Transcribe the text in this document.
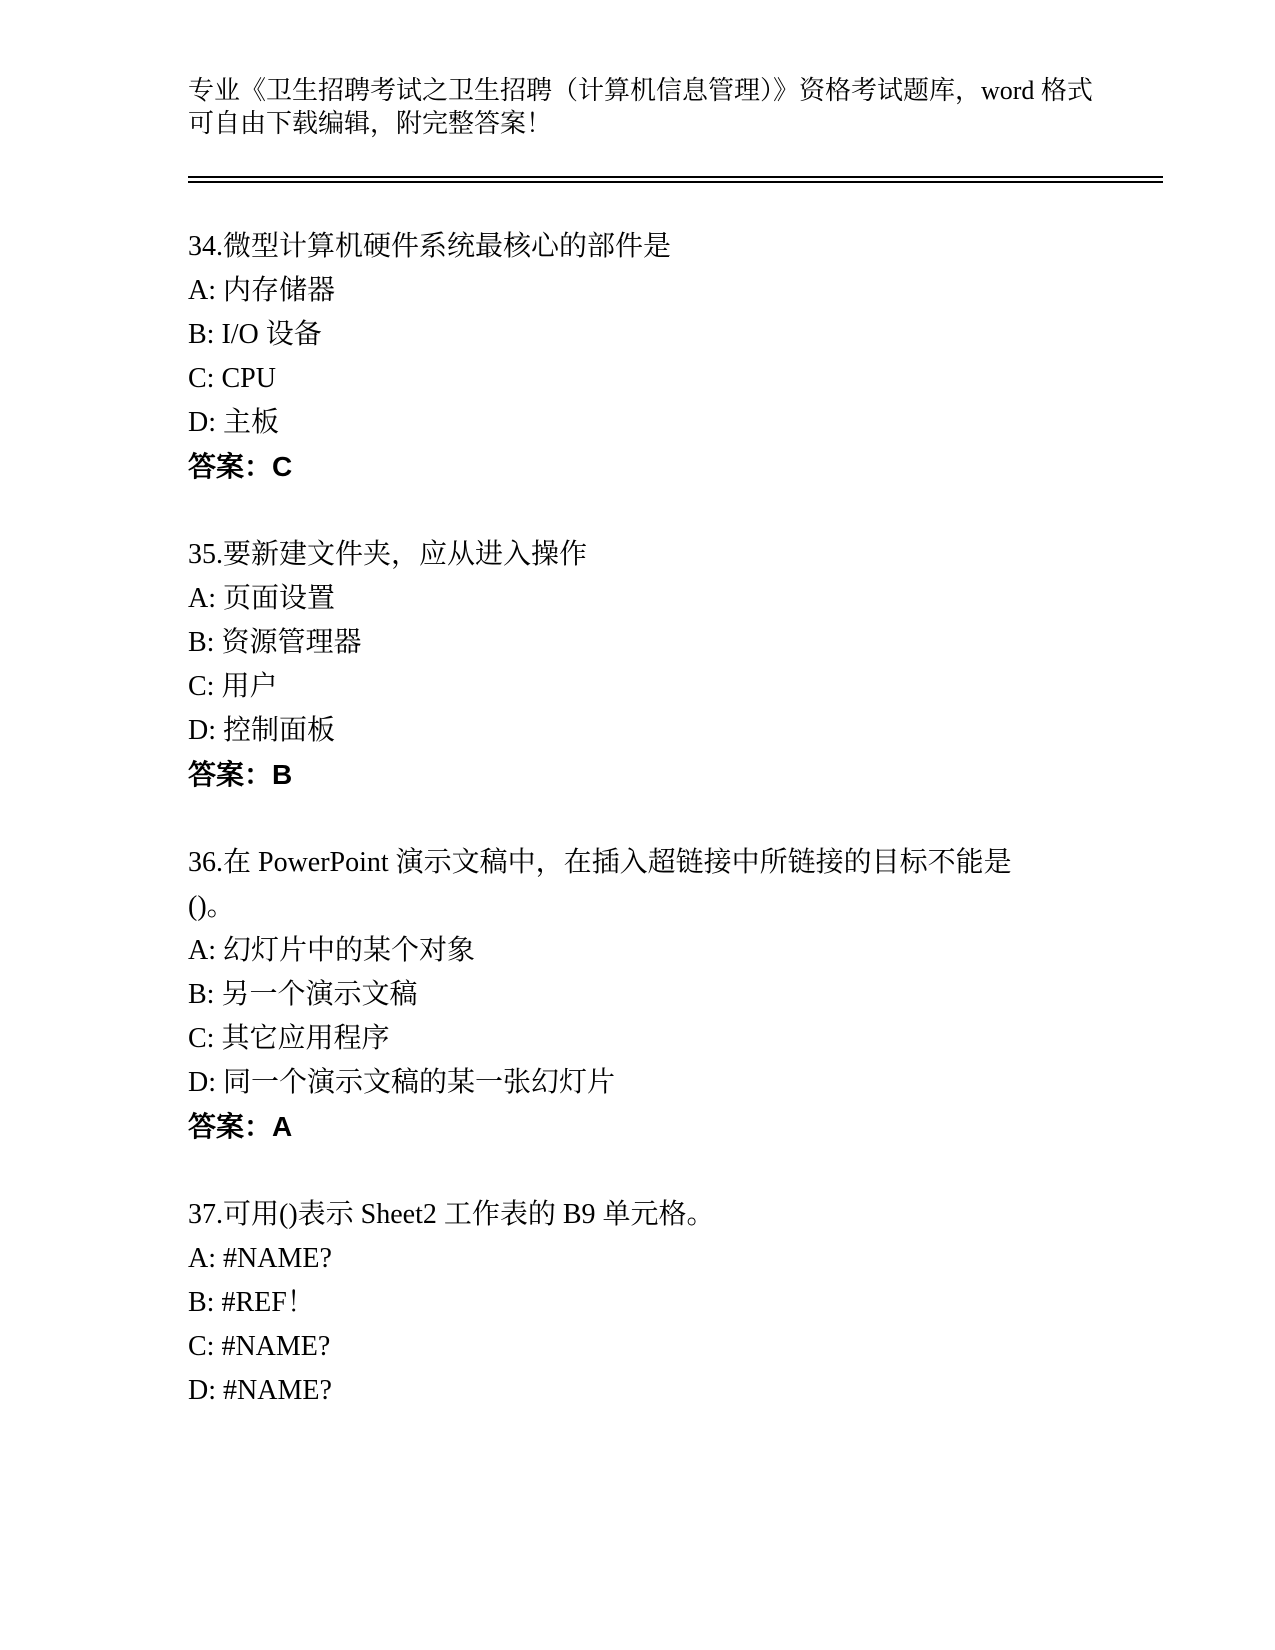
专业《卫生招聘考试之卫生招聘（计算机信息管理）》资格考试题库，word 格式
可自由下载编辑，附完整答案！

34.微型计算机硬件系统最核心的部件是

A: 内存储器

B: I/O 设备

C: CPU

D: 主板

答案：C

35.要新建文件夹，应从进入操作

A: 页面设置

B: 资源管理器

C: 用户

D: 控制面板

答案：B

36.在 PowerPoint 演示文稿中，在插入超链接中所链接的目标不能是

()。

A: 幻灯片中的某个对象

B: 另一个演示文稿

C: 其它应用程序

D: 同一个演示文稿的某一张幻灯片

答案：A

37.可用()表示 Sheet2 工作表的 B9 单元格。

A: #NAME?

B: #REF！

C: #NAME?

D: #NAME?
